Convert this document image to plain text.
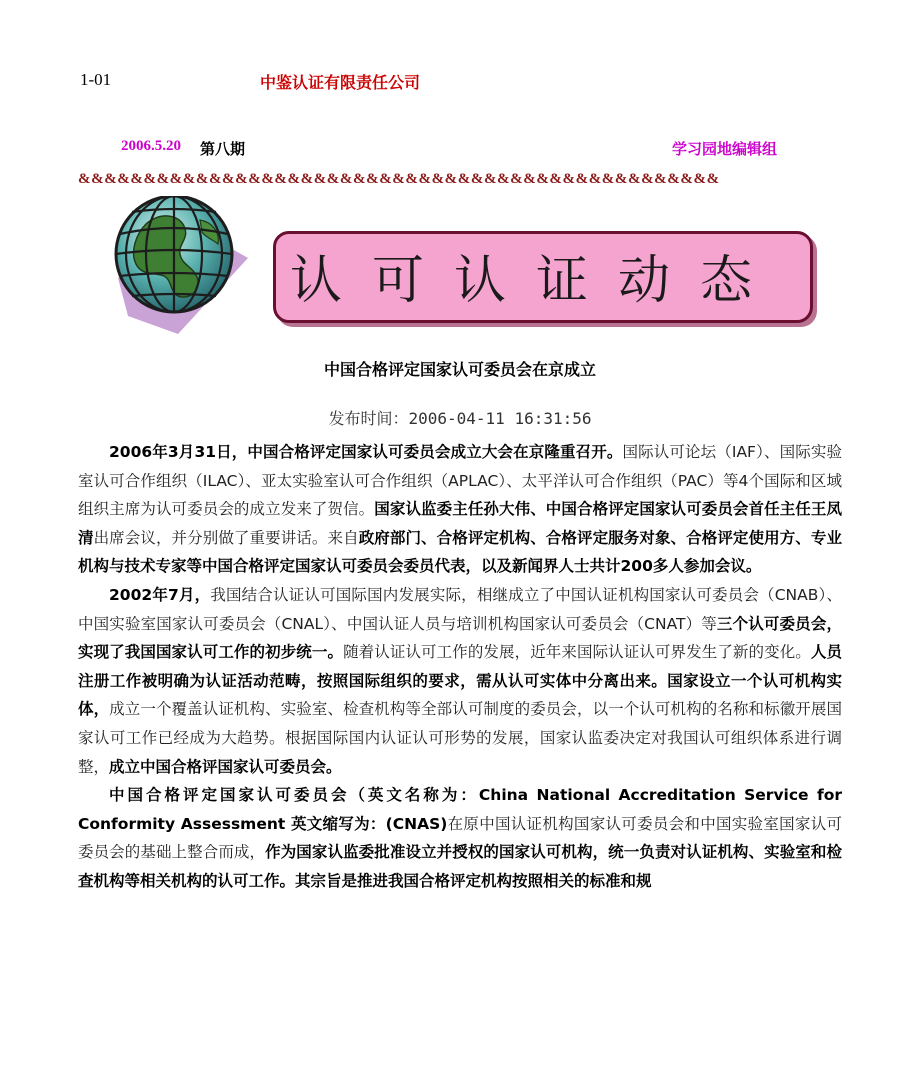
1-01	中鉴认证有限责任公司
2006.5.20 第八期	学习园地编辑组
&&&&&&&&&&&&&&&&&&&&&&&&&&&&&&&&&&&&&&&&&&&&&&&&&
认可认证动态
中国合格评定国家认可委员会在京成立
发布时间：2006-04-11 16:31:56

2006年3月31日，中国合格评定国家认可委员会成立大会在京隆重召开。国际认可论坛（IAF）、国际实验室认可合作组织（ILAC）、亚太实验室认可合作组织（APLAC）、太平洋认可合作组织（PAC）等4个国际和区域组织主席为认可委员会的成立发来了贺信。国家认监委主任孙大伟、中国合格评定国家认可委员会首任主任王凤清出席会议，并分别做了重要讲话。来自政府部门、合格评定机构、合格评定服务对象、合格评定使用方、专业机构与技术专家等中国合格评定国家认可委员会委员代表，以及新闻界人士共计200多人参加会议。

2002年7月，我国结合认证认可国际国内发展实际，相继成立了中国认证机构国家认可委员会（CNAB）、中国实验室国家认可委员会（CNAL）、中国认证人员与培训机构国家认可委员会（CNAT）等三个认可委员会，实现了我国国家认可工作的初步统一。随着认证认可工作的发展，近年来国际认证认可界发生了新的变化。人员注册工作被明确为认证活动范畴，按照国际组织的要求，需从认可实体中分离出来。国家设立一个认可机构实体，成立一个覆盖认证机构、实验室、检查机构等全部认可制度的委员会，以一个认可机构的名称和标徽开展国家认可工作已经成为大趋势。根据国际国内认证认可形势的发展，国家认监委决定对我国认可组织体系进行调整，成立中国合格评国家认可委员会。

中国合格评定国家认可委员会（英文名称为：China National Accreditation Service for Conformity Assessment 英文缩写为：(CNAS)在原中国认证机构国家认可委员会和中国实验室国家认可委员会的基础上整合而成，作为国家认监委批准设立并授权的国家认可机构，统一负责对认证机构、实验室和检查机构等相关机构的认可工作。其宗旨是推进我国合格评定机构按照相关的标准和规
